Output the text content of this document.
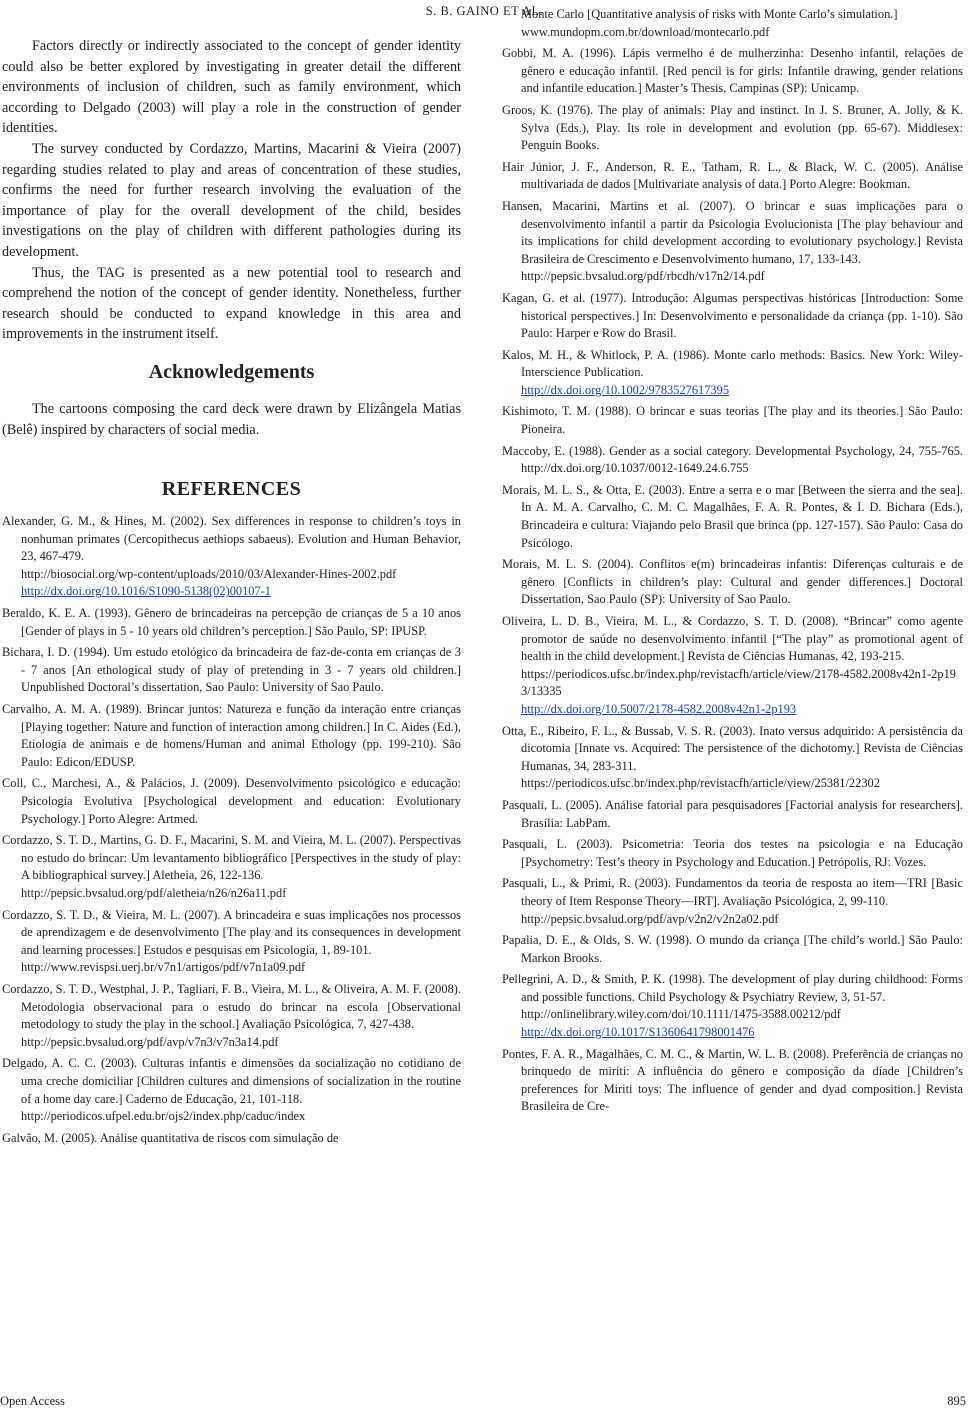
S. B. GAINO ET AL.

Factors directly or indirectly associated to the concept of gender identity could also be better explored by investigating in greater detail the different environments of inclusion of children, such as family environment, which according to Delgado (2003) will play a role in the construction of gender identities.

The survey conducted by Cordazzo, Martins, Macarini & Vieira (2007) regarding studies related to play and areas of concentration of these studies, confirms the need for further research involving the evaluation of the importance of play for the overall development of the child, besides investigations on the play of children with different pathologies during its development.

Thus, the TAG is presented as a new potential tool to research and comprehend the notion of the concept of gender identity. Nonetheless, further research should be conducted to expand knowledge in this area and improvements in the instrument itself.

Acknowledgements

The cartoons composing the card deck were drawn by Elizângela Matias (Belê) inspired by characters of social media.

REFERENCES

Alexander, G. M., & Hines, M. (2002). Sex differences in response to children’s toys in nonhuman primates (Cercopithecus aethiops sabaeus). Evolution and Human Behavior, 23, 467-479.
http://biosocial.org/wp-content/uploads/2010/03/Alexander-Hines-2002.pdf
http://dx.doi.org/10.1016/S1090-5138(02)00107-1

Beraldo, K. E. A. (1993). Gênero de brincadeiras na percepção de crianças de 5 a 10 anos [Gender of plays in 5 - 10 years old children’s perception.] São Paulo, SP: IPUSP.

Bichara, I. D. (1994). Um estudo etológico da brincadeira de faz-de-conta em crianças de 3 - 7 anos [An ethological study of play of pretending in 3 - 7 years old children.] Unpublished Doctoral’s dissertation, Sao Paulo: University of Sao Paulo.

Carvalho, A. M. A. (1989). Brincar juntos: Natureza e função da interação entre crianças [Playing together: Nature and function of interaction among children.] In C. Aides (Ed.), Etiologia de animais e de homens/Human and animal Ethology (pp. 199-210). São Paulo: Edicon/EDUSP.

Coll, C., Marchesi, A., & Palácios, J. (2009). Desenvolvimento psicológico e educação: Psicologia Evolutiva [Psychological development and education: Evolutionary Psychology.] Porto Alegre: Artmed.

Cordazzo, S. T. D., Martins, G. D. F., Macarini, S. M. and Vieira, M. L. (2007). Perspectivas no estudo do brincar: Um levantamento bibliográfico [Perspectives in the study of play: A bibliographical survey.] Aletheia, 26, 122-136.
http://pepsic.bvsalud.org/pdf/aletheia/n26/n26a11.pdf

Cordazzo, S. T. D., & Vieira, M. L. (2007). A brincadeira e suas implicações nos processos de aprendizagem e de desenvolvimento [The play and its consequences in development and learning processes.] Estudos e pesquisas em Psicologia, 1, 89-101.
http://www.revispsi.uerj.br/v7n1/artigos/pdf/v7n1a09.pdf

Cordazzo, S. T. D., Westphal, J. P., Tagliari, F. B., Vieira, M. L., & Oliveira, A. M. F. (2008). Metodologia observacional para o estudo do brincar na escola [Observational metodology to study the play in the school.] Avaliação Psicológica, 7, 427-438.
http://pepsic.bvsalud.org/pdf/avp/v7n3/v7n3a14.pdf

Delgado, A. C. C. (2003). Culturas infantis e dimensões da socialização no cotidiano de uma creche domiciliar [Children cultures and dimensions of socialization in the routine of a home day care.] Caderno de Educação, 21, 101-118.
http://periodicos.ufpel.edu.br/ojs2/index.php/caduc/index

Galvão, M. (2005). Análise quantitativa de riscos com simulação de

Monte Carlo [Quantitative analysis of risks with Monte Carlo’s simulation.]
www.mundopm.com.br/download/montecarlo.pdf

Gobbi, M. A. (1996). Lápis vermelho é de mulherzinha: Desenho infantil, relações de gênero e educação infantil. [Red pencil is for girls: Infantile drawing, gender relations and infantile education.] Master’s Thesis, Campinas (SP): Unicamp.

Groos, K. (1976). The play of animals: Play and instinct. In J. S. Bruner, A. Jolly, & K. Sylva (Eds.), Play. Its role in development and evolution (pp. 65-67). Middlesex: Penguin Books.

Hair Júnior, J. F., Anderson, R. E., Tatham, R. L., & Black, W. C. (2005). Análise multivariada de dados [Multivariate analysis of data.] Porto Alegre: Bookman.

Hansen, Macarini, Martins et al. (2007). O brincar e suas implicações para o desenvolvimento infantil a partir da Psicologia Evolucionista [The play behaviour and its implications for child development according to evolutionary psychology.] Revista Brasileira de Crescimento e Desenvolvimento humano, 17, 133-143.
http://pepsic.bvsalud.org/pdf/rbcdh/v17n2/14.pdf

Kagan, G. et al. (1977). Introdução: Algumas perspectivas históricas [Introduction: Some historical perspectives.] In: Desenvolvimento e personalidade da criança (pp. 1-10). São Paulo: Harper e Row do Brasil.

Kalos, M. H., & Whitlock, P. A. (1986). Monte carlo methods: Basics. New York: Wiley-Interscience Publication.
http://dx.doi.org/10.1002/9783527617395

Kishimoto, T. M. (1988). O brincar e suas teorias [The play and its theories.] São Paulo: Pioneira.

Maccoby, E. (1988). Gender as a social category. Developmental Psychology, 24, 755-765. http://dx.doi.org/10.1037/0012-1649.24.6.755

Morais, M. L. S., & Otta, E. (2003). Entre a serra e o mar [Between the sierra and the sea]. In A. M. A. Carvalho, C. M. C. Magalhães, F. A. R. Pontes, & I. D. Bichara (Eds.), Brincadeira e cultura: Viajando pelo Brasil que brinca (pp. 127-157). São Paulo: Casa do Psicólogo.

Morais, M. L. S. (2004). Conflitos e(m) brincadeiras infantis: Diferenças culturais e de gênero [Conflicts in children’s play: Cultural and gender differences.] Doctoral Dissertation, Sao Paulo (SP): University of Sao Paulo.

Oliveira, L. D. B., Vieira, M. L., & Cordazzo, S. T. D. (2008). “Brincar” como agente promotor de saúde no desenvolvimento infantil [“The play” as promotional agent of health in the child development.] Revista de Ciências Humanas, 42, 193-215.
https://periodicos.ufsc.br/index.php/revistacfh/article/view/2178-4582.2008v42n1-2p193/13335
http://dx.doi.org/10.5007/2178-4582.2008v42n1-2p193

Otta, E., Ribeiro, F. L., & Bussab, V. S. R. (2003). Inato versus adquirido: A persistência da dicotomia [Innate vs. Acquired: The persistence of the dichotomy.] Revista de Ciências Humanas, 34, 283-311.
https://periodicos.ufsc.br/index.php/revistacfh/article/view/25381/22302

Pasquali, L. (2005). Análise fatorial para pesquisadores [Factorial analysis for researchers]. Brasília: LabPam.

Pasquali, L. (2003). Psicometria: Teoria dos testes na psicologia e na Educação [Psychometry: Test’s theory in Psychology and Education.] Petrópolis, RJ: Vozes.

Pasquali, L., & Primi, R. (2003). Fundamentos da teoria de resposta ao item—TRI [Basic theory of Item Response Theory—IRT]. Avaliação Psicológica, 2, 99-110.
http://pepsic.bvsalud.org/pdf/avp/v2n2/v2n2a02.pdf

Papalia, D. E., & Olds, S. W. (1998). O mundo da criança [The child’s world.] São Paulo: Markon Brooks.

Pellegrini, A. D., & Smith, P. K. (1998). The development of play during childhood: Forms and possible functions. Child Psychology & Psychiatry Review, 3, 51-57.
http://onlinelibrary.wiley.com/doi/10.1111/1475-3588.00212/pdf
http://dx.doi.org/10.1017/S1360641798001476

Pontes, F. A. R., Magalhães, C. M. C., & Martin, W. L. B. (2008). Preferência de crianças no brinquedo de miriti: A influência do gênero e composição da díade [Children’s preferences for Miriti toys: The influence of gender and dyad composition.] Revista Brasileira de Cre-

Open Access	895
